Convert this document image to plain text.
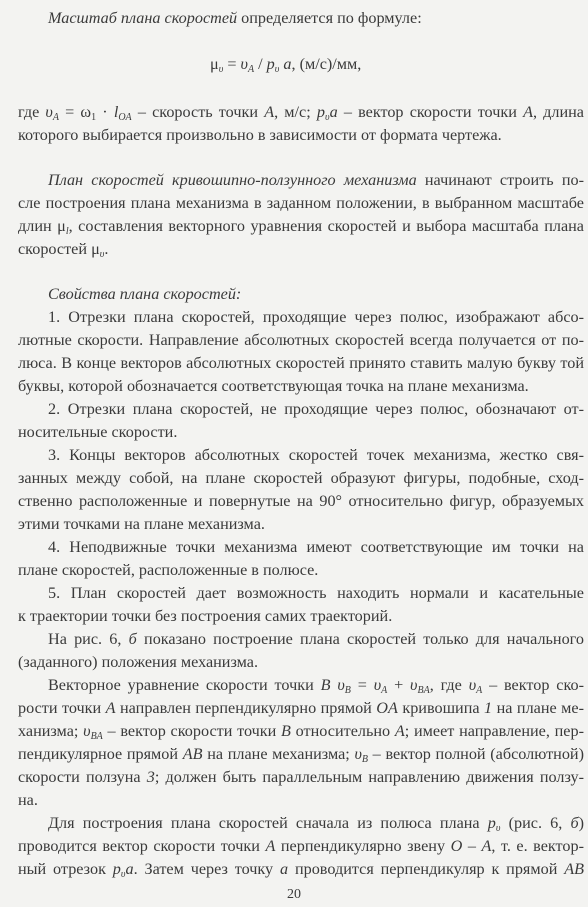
Масштаб плана скоростей определяется по формуле:
$\mu_\upsilon = \upsilon_A / p_\upsilon$ a, (м/с)/мм,
где $\upsilon_A = \omega_1 \cdot l_{OA}$ – скорость точки A, м/с; $p_\upsilon a$ – вектор скорости точки A, длина
которого выбирается произвольно в зависимости от формата чертежа.
План скоростей кривошипно-ползунного механизма начинают строить по-
сле построения плана механизма в заданном положении, в выбранном масштабе
длин $\mu_l$, составления векторного уравнения скоростей и выбора масштаба плана
скоростей $\mu_\upsilon$.
Свойства плана скоростей:
1. Отрезки плана скоростей, проходящие через полюс, изображают абсо-
лютные скорости. Направление абсолютных скоростей всегда получается от по-
люса. В конце векторов абсолютных скоростей принято ставить малую букву той
буквы, которой обозначается соответствующая точка на плане механизма.
2. Отрезки плана скоростей, не проходящие через полюс, обозначают от-
носительные скорости.
3. Концы векторов абсолютных скоростей точек механизма, жестко свя-
занных между собой, на плане скоростей образуют фигуры, подобные, сход-
ственно расположенные и повернутые на 90° относительно фигур, образуемых
этими точками на плане механизма.
4. Неподвижные точки механизма имеют соответствующие им точки на
плане скоростей, расположенные в полюсе.
5. План скоростей дает возможность находить нормали и касательные
к траектории точки без построения самих траекторий.
На рис. 6, б показано построение плана скоростей только для начального
(заданного) положения механизма.
Векторное уравнение скорости точки B $\upsilon_B = \upsilon_A + \upsilon_{BA}$, где $\upsilon_A$ – вектор ско-
рости точки A направлен перпендикулярно прямой OA кривошипа 1 на плане ме-
ханизма; $\upsilon_{BA}$ – вектор скорости точки B относительно A; имеет направление, пер-
пендикулярное прямой AB на плане механизма; $\upsilon_B$ – вектор полной (абсолютной)
скорости ползуна 3; должен быть параллельным направлению движения ползу-
на.
Для построения плана скоростей сначала из полюса плана $p_\upsilon$ (рис. 6, б)
проводится вектор скорости точки A перпендикулярно звену O – A, т. е. вектор-
ный отрезок $p_\upsilon a$. Затем через точку a проводится перпендикуляр к прямой AB
20
